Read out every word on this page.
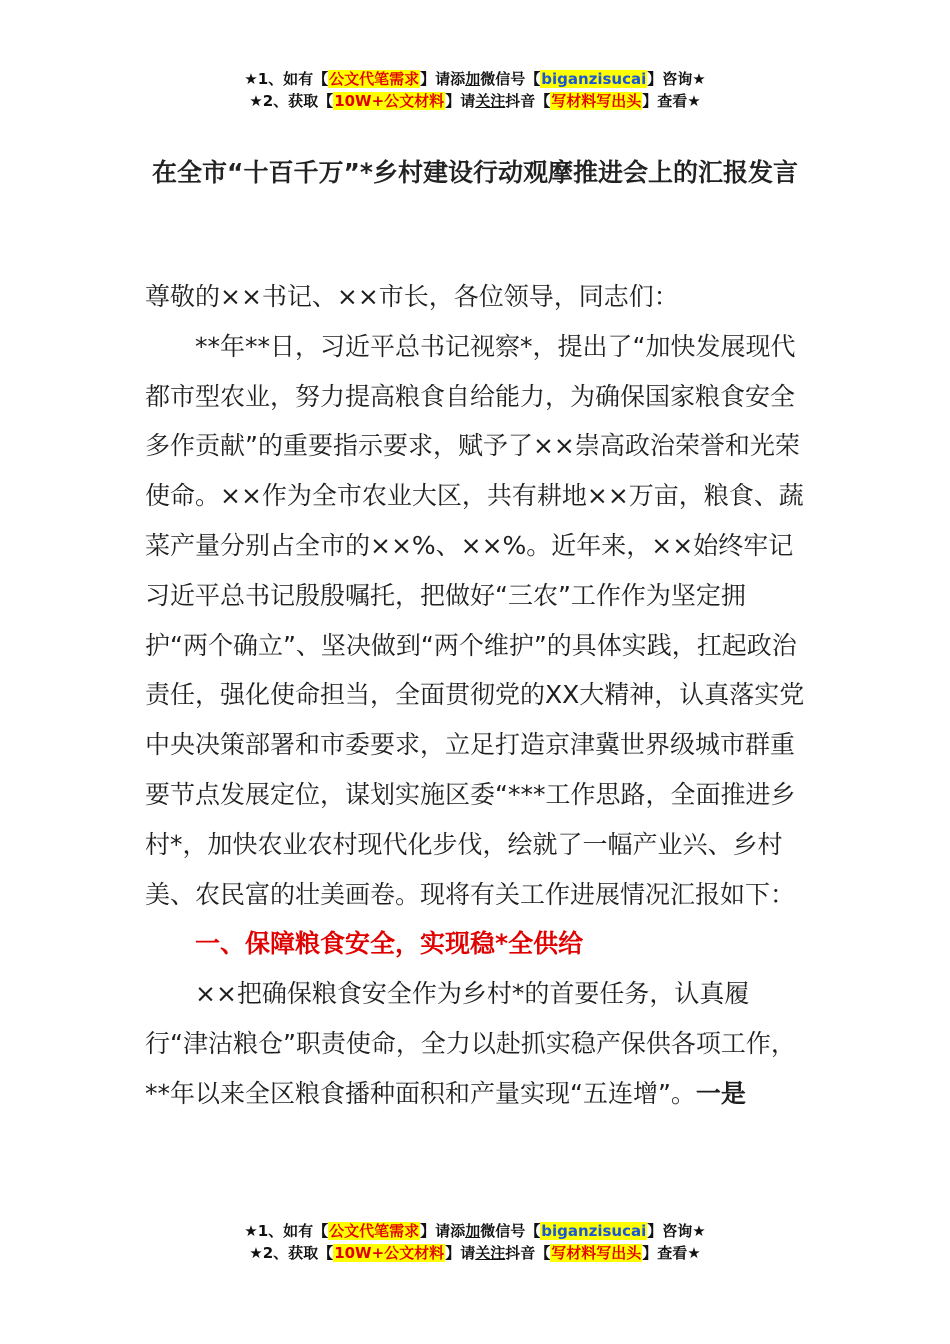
★1、如有【公文代笔需求】请添加微信号【biganzisucai】咨询★
★2、获取【10W+公文材料】请关注抖音【写材料写出头】查看★
在全市“十百千万”*乡村建设行动观摩推进会上的汇报发言

尊敬的××书记、××市长，各位领导，同志们：

**年**日，习近平总书记视察*，提出了“加快发展现代都市型农业，努力提高粮食自给能力，为确保国家粮食安全多作贡献”的重要指示要求，赋予了××崇高政治荣誉和光荣使命。××作为全市农业大区，共有耕地××万亩，粮食、蔬菜产量分别占全市的××%、××%。近年来，××始终牢记习近平总书记殷殷嘱托，把做好“三农”工作作为坚定拥护“两个确立”、坚决做到“两个维护”的具体实践，扛起政治责任，强化使命担当，全面贯彻党的XX大精神，认真落实党中央决策部署和市委要求，立足打造京津冀世界级城市群重要节点发展定位，谋划实施区委“***工作思路，全面推进乡村*，加快农业农村现代化步伐，绘就了一幅产业兴、乡村美、农民富的壮美画卷。现将有关工作进展情况汇报如下：

一、保障粮食安全，实现稳*全供给

××把确保粮食安全作为乡村*的首要任务，认真履行“津沽粮仓”职责使命，全力以赴抓实稳产保供各项工作，**年以来全区粮食播种面积和产量实现“五连增”。一是

★1、如有【公文代笔需求】请添加微信号【biganzisucai】咨询★
★2、获取【10W+公文材料】请关注抖音【写材料写出头】查看★
